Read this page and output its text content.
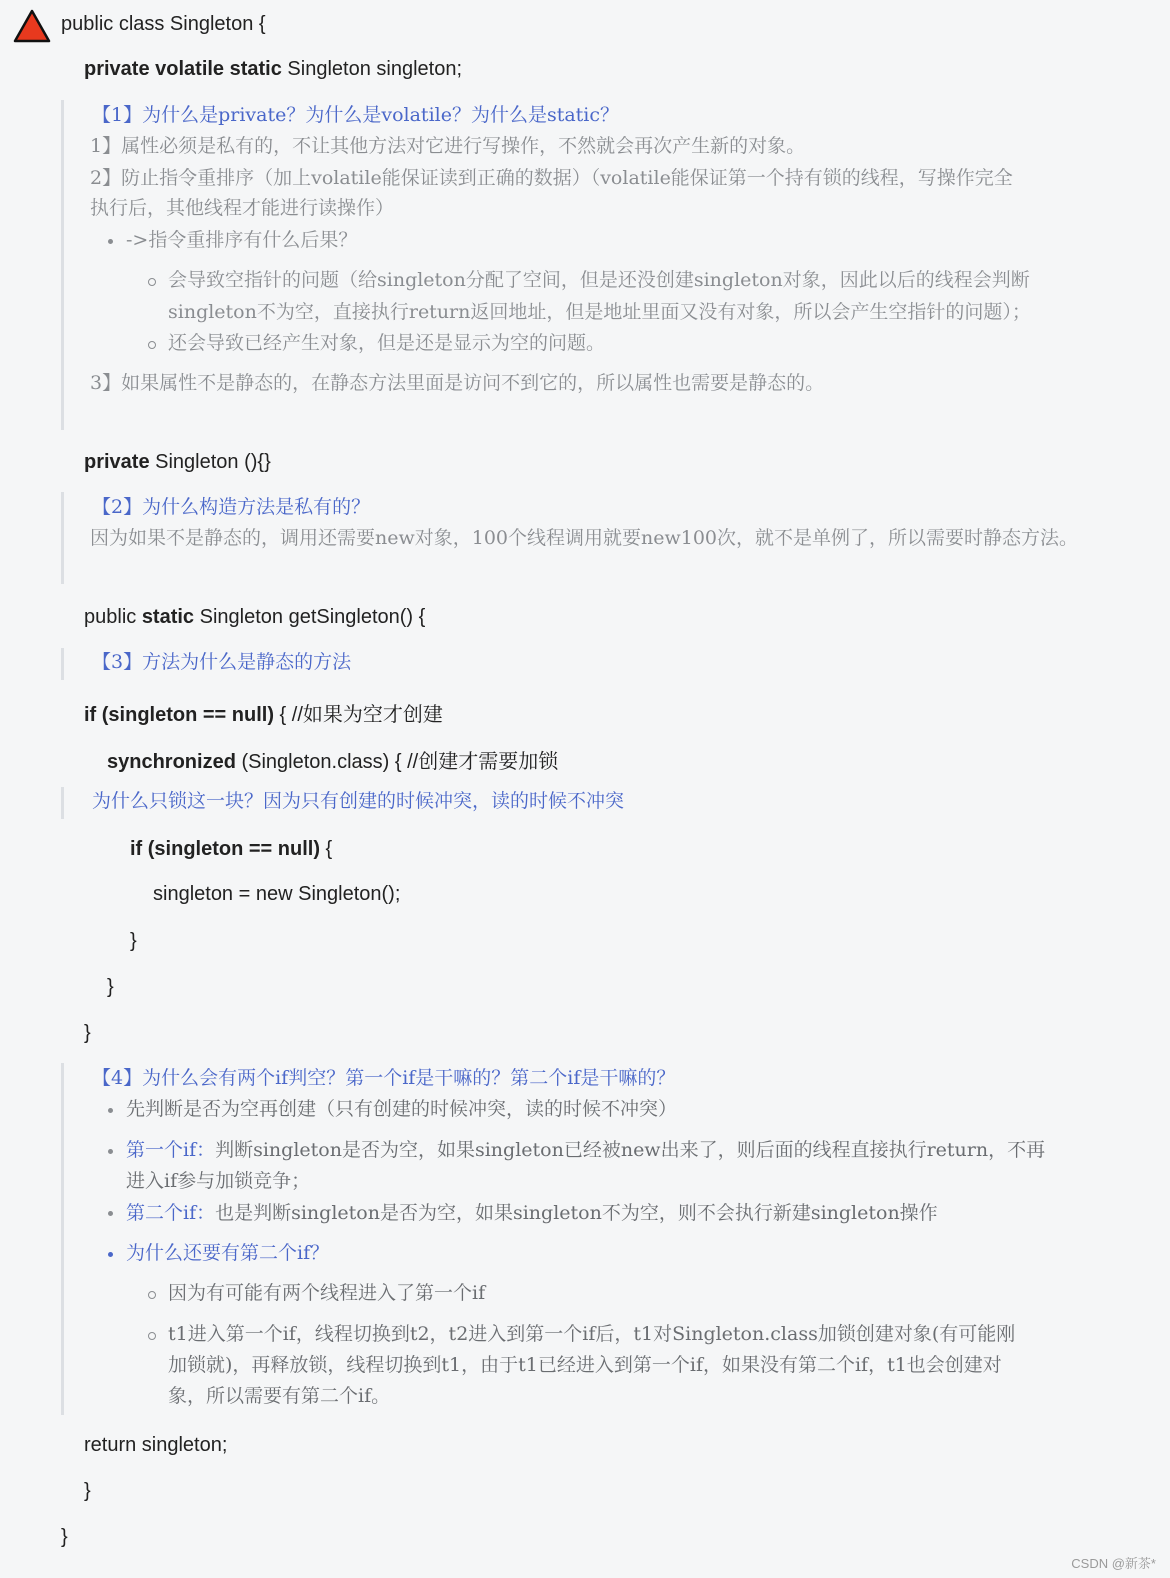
public class Singleton {
private volatile static Singleton singleton;
【1】为什么是private？为什么是volatile？为什么是static？
1】属性必须是私有的，不让其他方法对它进行写操作，不然就会再次产生新的对象。
2】防止指令重排序（加上volatile能保证读到正确的数据）（volatile能保证第一个持有锁的线程，写操作完全
执行后，其他线程才能进行读操作）
->指令重排序有什么后果？
会导致空指针的问题（给singleton分配了空间，但是还没创建singleton对象，因此以后的线程会判断
singleton不为空，直接执行return返回地址，但是地址里面又没有对象，所以会产生空指针的问题）；
还会导致已经产生对象，但是还是显示为空的问题。
3】如果属性不是静态的，在静态方法里面是访问不到它的，所以属性也需要是静态的。
private Singleton (){}
【2】为什么构造方法是私有的？
因为如果不是静态的，调用还需要new对象，100个线程调用就要new100次，就不是单例了，所以需要时静态方法。
public static Singleton getSingleton() {
【3】方法为什么是静态的方法
if (singleton == null) { //如果为空才创建
synchronized (Singleton.class) { //创建才需要加锁
为什么只锁这一块？因为只有创建的时候冲突，读的时候不冲突
if (singleton == null) {
singleton = new Singleton();
}
}
}
【4】为什么会有两个if判空？第一个if是干嘛的？第二个if是干嘛的？
先判断是否为空再创建（只有创建的时候冲突，读的时候不冲突）
第一个if：判断singleton是否为空，如果singleton已经被new出来了，则后面的线程直接执行return，不再
进入if参与加锁竞争；
第二个if：也是判断singleton是否为空，如果singleton不为空，则不会执行新建singleton操作
为什么还要有第二个if？
因为有可能有两个线程进入了第一个if
t1进入第一个if，线程切换到t2，t2进入到第一个if后，t1对Singleton.class加锁创建对象(有可能刚
加锁就)，再释放锁，线程切换到t1，由于t1已经进入到第一个if，如果没有第二个if，t1也会创建对
象，所以需要有第二个if。
return singleton;
}
}
CSDN @新茶*
